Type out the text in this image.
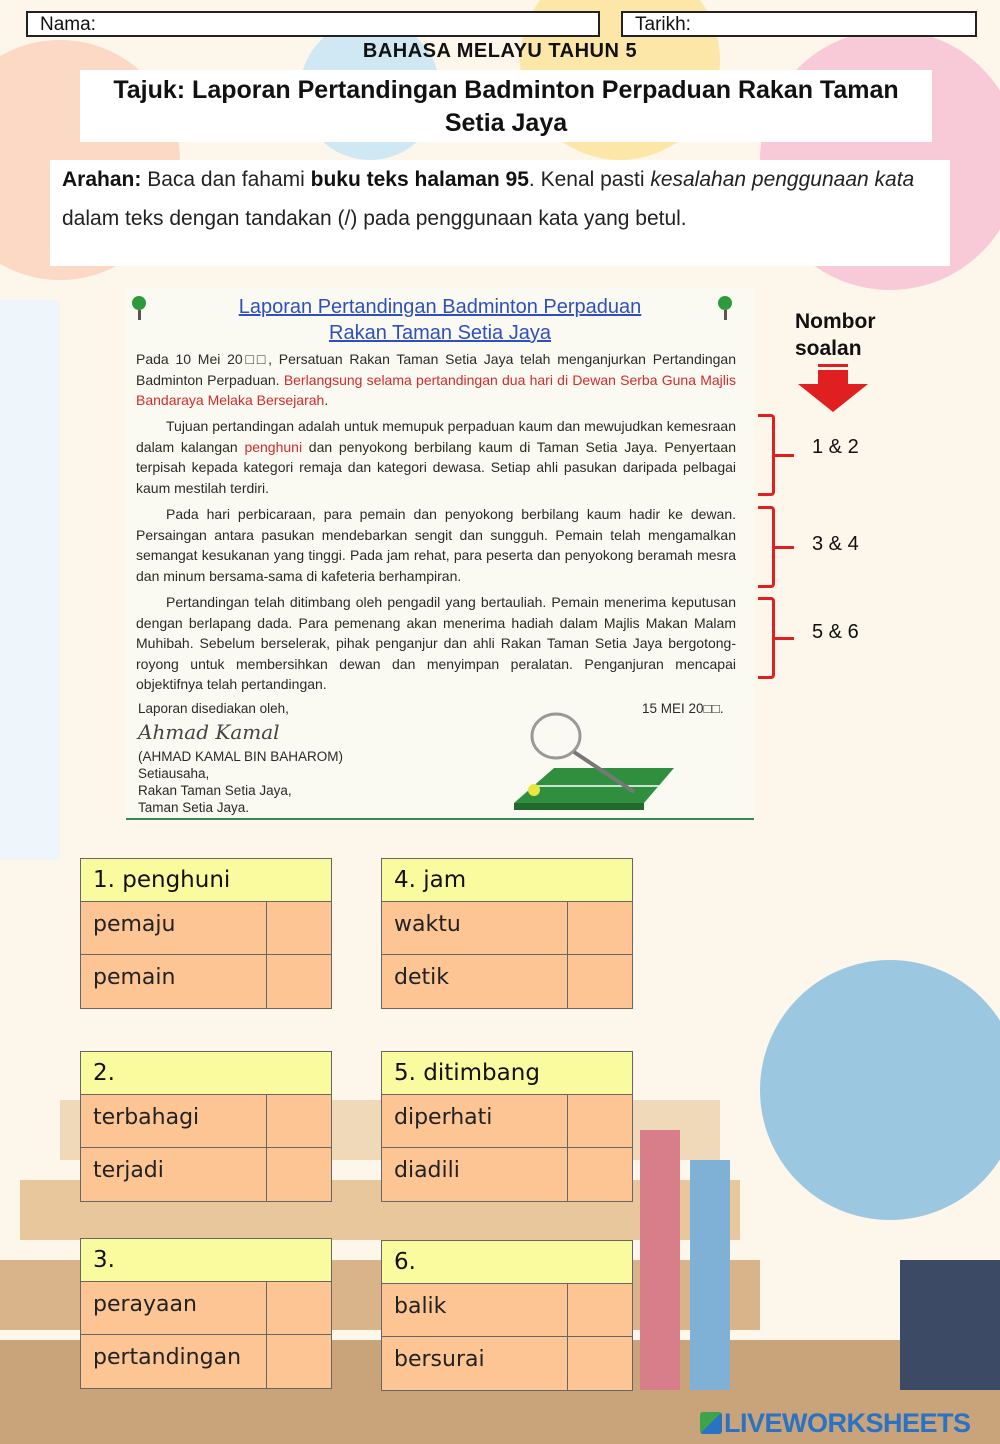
Nama:	Tarikh:
BAHASA MELAYU TAHUN 5
Tajuk: Laporan Pertandingan Badminton Perpaduan Rakan Taman
Setia Jaya
Arahan: Baca dan fahami buku teks halaman 95. Kenal pasti kesalahan penggunaan kata dalam teks dengan tandakan (/) pada penggunaan kata yang betul.
Laporan Pertandingan Badminton Perpaduan
Rakan Taman Setia Jaya
Pada 10 Mei 20□□, Persatuan Rakan Taman Setia Jaya telah menganjurkan Pertandingan Badminton Perpaduan. Berlangsung selama pertandingan dua hari di Dewan Serba Guna Majlis Bandaraya Melaka Bersejarah.
Tujuan pertandingan adalah untuk memupuk perpaduan kaum dan mewujudkan kemesraan dalam kalangan penghuni dan penyokong berbilang kaum di Taman Setia Jaya. Penyertaan terpisah kepada kategori remaja dan kategori dewasa. Setiap ahli pasukan daripada pelbagai kaum mestilah terdiri.
Pada hari perbicaraan, para pemain dan penyokong berbilang kaum hadir ke dewan. Persaingan antara pasukan mendebarkan sengit dan sungguh. Pemain telah mengamalkan semangat kesukanan yang tinggi. Pada jam rehat, para peserta dan penyokong beramah mesra dan minum bersama-sama di kafeteria berhampiran.
Pertandingan telah ditimbang oleh pengadil yang bertauliah. Pemain menerima keputusan dengan berlapang dada. Para pemenang akan menerima hadiah dalam Majlis Makan Malam Muhibah. Sebelum berselerak, pihak penganjur dan ahli Rakan Taman Setia Jaya bergotong-royong untuk membersihkan dewan dan menyimpan peralatan. Penganjuran mencapai objektifnya telah pertandingan.
Laporan disediakan oleh,	15 MEI 20□□.
Ahmad Kamal
(AHMAD KAMAL BIN BAHAROM)
Setiausaha,
Rakan Taman Setia Jaya,
Taman Setia Jaya.
Nombor
soalan
1 & 2
3 & 4
5 & 6
1. penghuni
pemaju
pemain
2.
terbahagi
terjadi
3.
perayaan
pertandingan
4. jam
waktu
detik
5. ditimbang
diperhati
diadili
6.
balik
bersurai
LIVEWORKSHEETS
